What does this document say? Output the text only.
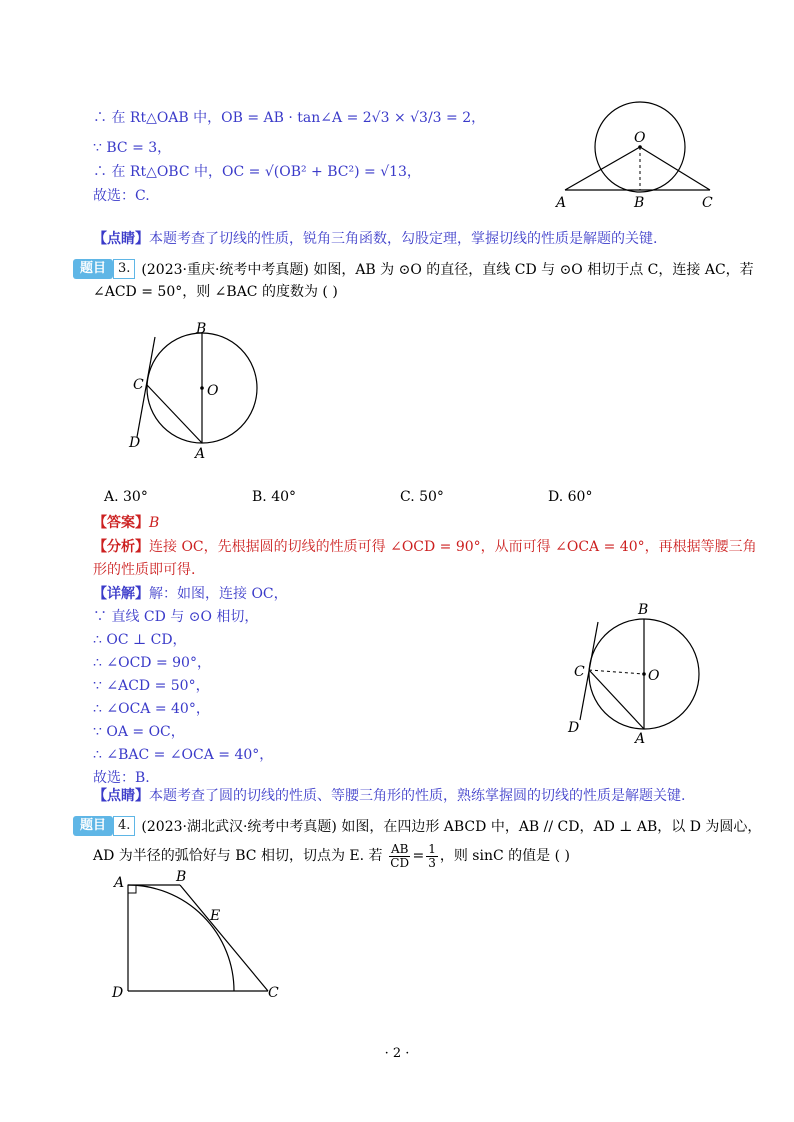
∴ 在 Rt△OAB 中，OB = AB · tan∠A = 2√3 × √3/3 = 2，
∵ BC = 3，
∴ 在 Rt△OBC 中，OC = √(OB² + BC²) = √13，
故选：C.
O
A	B	C
【点睛】本题考查了切线的性质，锐角三角函数，勾股定理，掌握切线的性质是解题的关键.
题目 3. (2023·重庆·统考中考真题) 如图，AB 为 ⊙O 的直径，直线 CD 与 ⊙O 相切于点 C，连接 AC，若
∠ACD = 50°，则 ∠BAC 的度数为 ( )
B
C	O
D
A
A. 30°	B. 40°	C. 50°	D. 60°
【答案】B
【分析】连接 OC，先根据圆的切线的性质可得 ∠OCD = 90°，从而可得 ∠OCA = 40°，再根据等腰三角
形的性质即可得.
【详解】解：如图，连接 OC，
∵ 直线 CD 与 ⊙O 相切，
∴ OC ⊥ CD，
∴ ∠OCD = 90°，
∵ ∠ACD = 50°，
∴ ∠OCA = 40°，
∵ OA = OC，
∴ ∠BAC = ∠OCA = 40°，
故选：B.
B
C	O
D
A
【点睛】本题考查了圆的切线的性质、等腰三角形的性质，熟练掌握圆的切线的性质是解题关键.
题目 4. (2023·湖北武汉·统考中考真题) 如图，在四边形 ABCD 中，AB // CD，AD ⊥ AB，以 D 为圆心，
AD 为半径的弧恰好与 BC 相切，切点为 E. 若 $\frac{AB}{CD} = \frac{1}{3}$ ，则 sinC 的值是 ( )
A	B
E
D	C
· 2 ·
